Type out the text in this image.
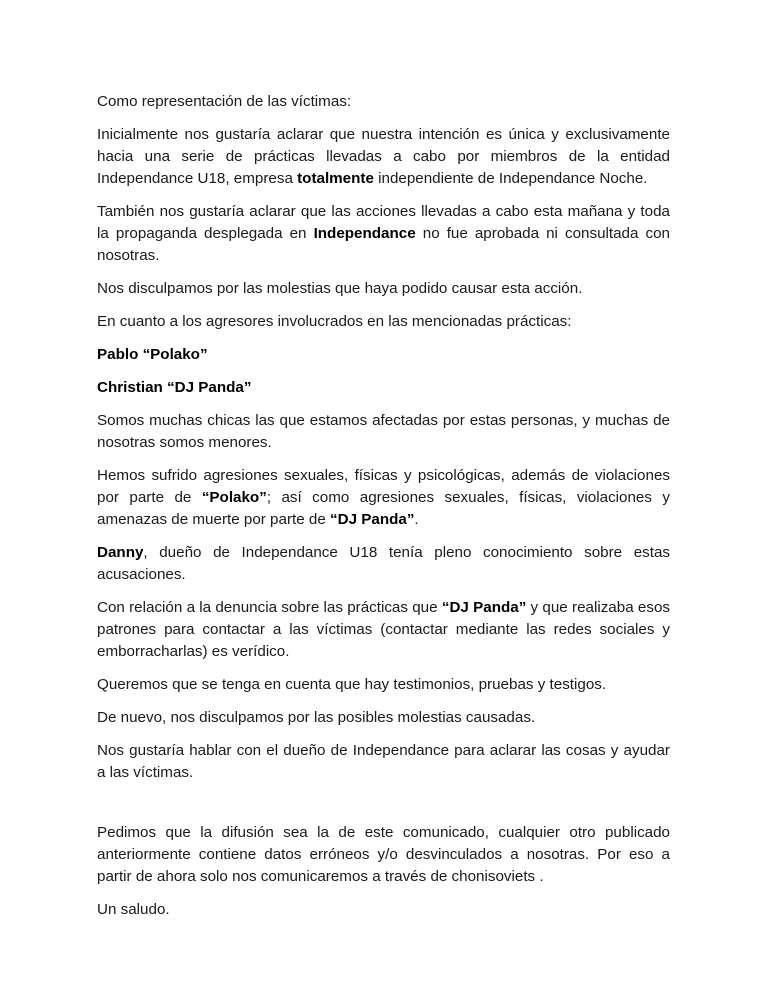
Como representación de las víctimas:

Inicialmente nos gustaría aclarar que nuestra intención es única y exclusivamente hacia una serie de prácticas llevadas a cabo por miembros de la entidad Independance U18, empresa totalmente independiente de Independance Noche.

También nos gustaría aclarar que las acciones llevadas a cabo esta mañana y toda la propaganda desplegada en Independance no fue aprobada ni consultada con nosotras.

Nos disculpamos por las molestias que haya podido causar esta acción.

En cuanto a los agresores involucrados en las mencionadas prácticas:

Pablo “Polako”

Christian “DJ Panda”

Somos muchas chicas las que estamos afectadas por estas personas, y muchas de nosotras somos menores.

Hemos sufrido agresiones sexuales, físicas y psicológicas, además de violaciones por parte de “Polako”; así como agresiones sexuales, físicas, violaciones y amenazas de muerte por parte de “DJ Panda”.

Danny, dueño de Independance U18 tenía pleno conocimiento sobre estas acusaciones.

Con relación a la denuncia sobre las prácticas que “DJ Panda” y que realizaba esos patrones para contactar a las víctimas (contactar mediante las redes sociales y emborracharlas) es verídico.

Queremos que se tenga en cuenta que hay testimonios, pruebas y testigos.

De nuevo, nos disculpamos por las posibles molestias causadas.

Nos gustaría hablar con el dueño de Independance para aclarar las cosas y ayudar a las víctimas.

Pedimos que la difusión sea la de este comunicado, cualquier otro publicado anteriormente contiene datos erróneos y/o desvinculados a nosotras. Por eso a partir de ahora solo nos comunicaremos a través de chonisoviets .

Un saludo.
